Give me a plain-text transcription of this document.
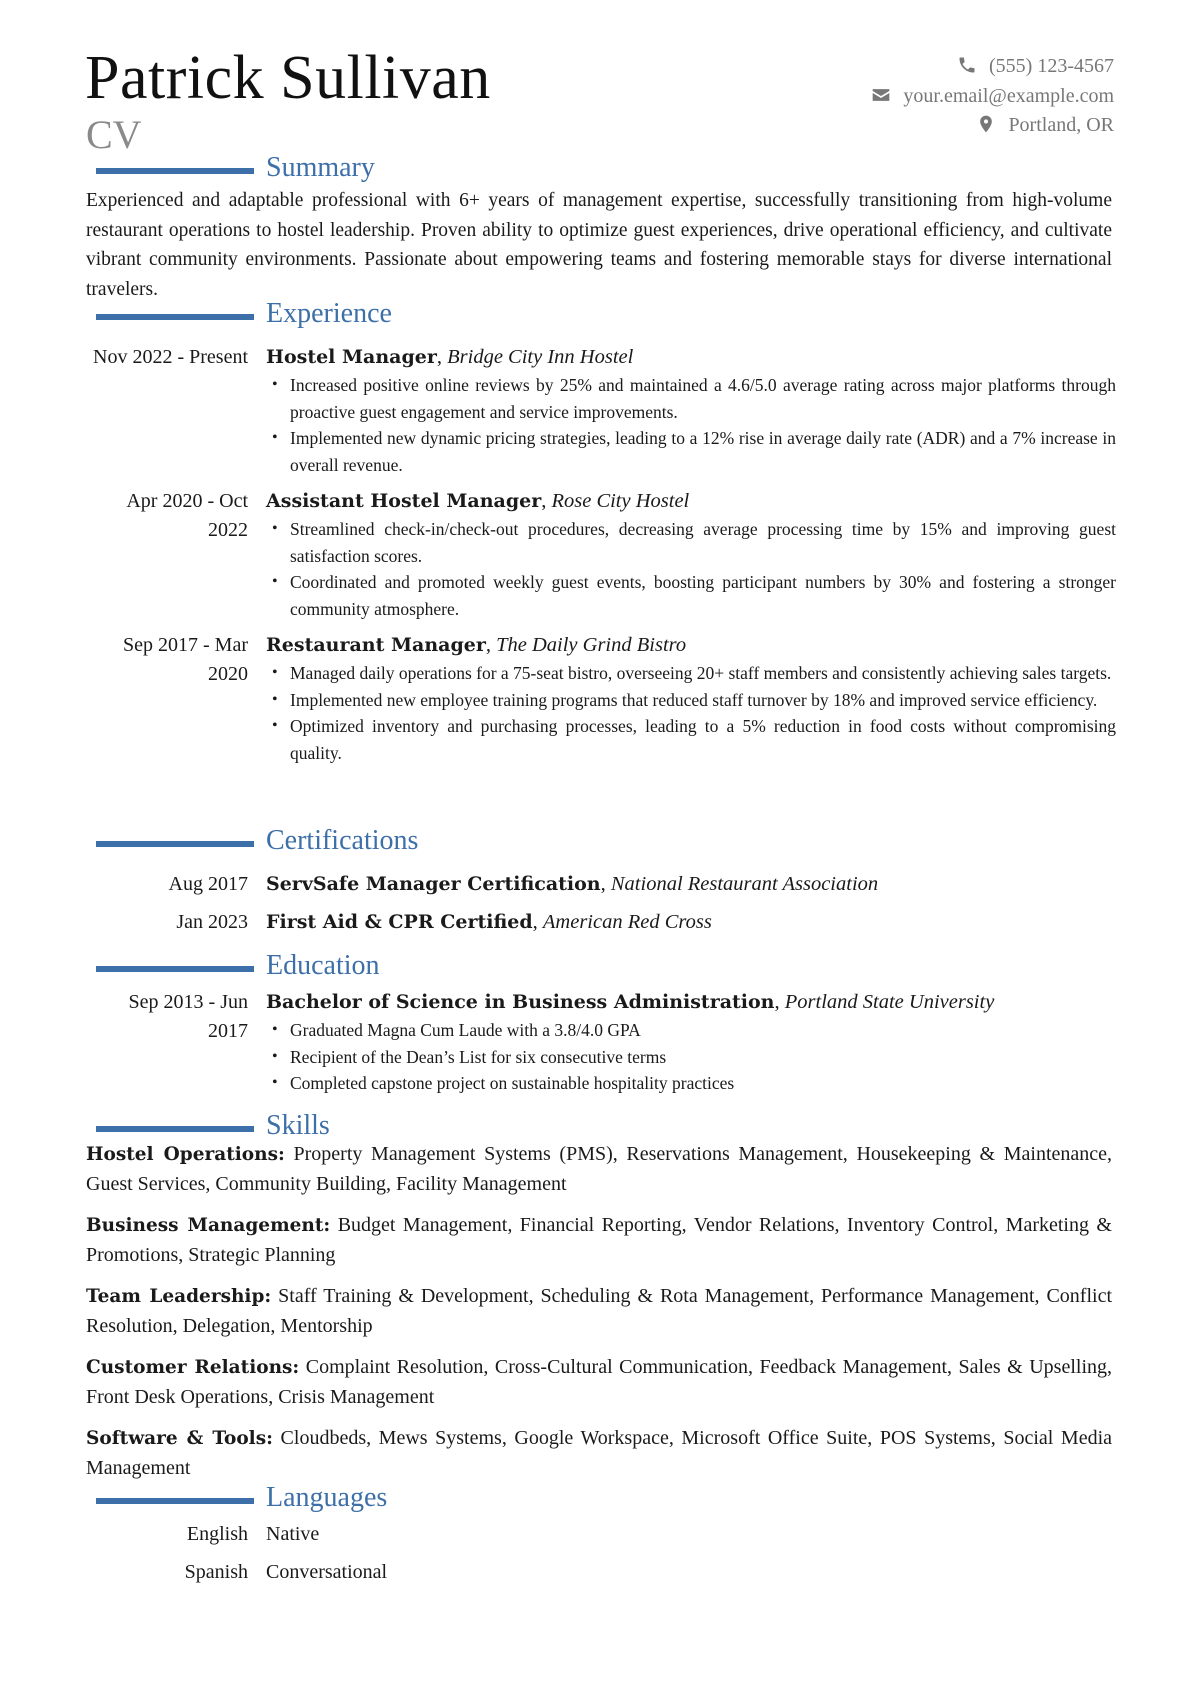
Patrick Sullivan
CV
(555) 123-4567
your.email@example.com
Portland, OR
Summary
Experienced and adaptable professional with 6+ years of management expertise, successfully transitioning from high-volume restaurant operations to hostel leadership. Proven ability to optimize guest experiences, drive operational efficiency, and cultivate vibrant community environments. Passionate about empowering teams and fostering memorable stays for diverse international travelers.
Experience
Nov 2022 - Present Hostel Manager, Bridge City Inn Hostel
• Increased positive online reviews by 25% and maintained a 4.6/5.0 average rating across major platforms through proactive guest engagement and service improvements.
• Implemented new dynamic pricing strategies, leading to a 12% rise in average daily rate (ADR) and a 7% increase in overall revenue.
Apr 2020 - Oct 2022
Assistant Hostel Manager, Rose City Hostel
• Streamlined check-in/check-out procedures, decreasing average processing time by 15% and improving guest satisfaction scores.
• Coordinated and promoted weekly guest events, boosting participant numbers by 30% and fostering a stronger community atmosphere.
Sep 2017 - Mar 2020
Restaurant Manager, The Daily Grind Bistro
• Managed daily operations for a 75-seat bistro, overseeing 20+ staff members and consistently achieving sales targets.
• Implemented new employee training programs that reduced staff turnover by 18% and improved service efficiency.
• Optimized inventory and purchasing processes, leading to a 5% reduction in food costs without compromising quality.
Certifications
Aug 2017 ServSafe Manager Certification, National Restaurant Association
Jan 2023 First Aid & CPR Certified, American Red Cross
Education
Sep 2013 - Jun 2017
Bachelor of Science in Business Administration, Portland State University
• Graduated Magna Cum Laude with a 3.8/4.0 GPA
• Recipient of the Dean’s List for six consecutive terms
• Completed capstone project on sustainable hospitality practices
Skills
Hostel Operations: Property Management Systems (PMS), Reservations Management, Housekeeping & Maintenance, Guest Services, Community Building, Facility Management
Business Management: Budget Management, Financial Reporting, Vendor Relations, Inventory Control, Marketing & Promotions, Strategic Planning
Team Leadership: Staff Training & Development, Scheduling & Rota Management, Performance Management, Conflict Resolution, Delegation, Mentorship
Customer Relations: Complaint Resolution, Cross-Cultural Communication, Feedback Management, Sales & Upselling, Front Desk Operations, Crisis Management
Software & Tools: Cloudbeds, Mews Systems, Google Workspace, Microsoft Office Suite, POS Systems, Social Media Management
Languages
English Native
Spanish Conversational
